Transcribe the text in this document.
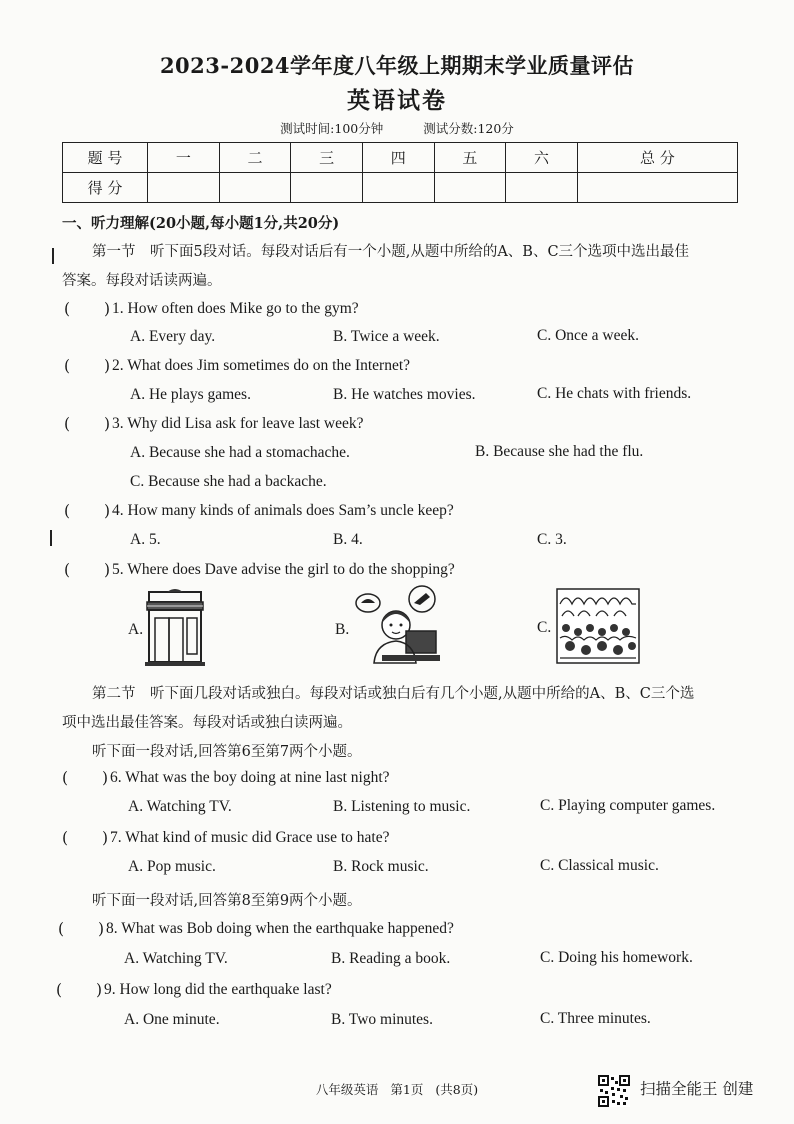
2023-2024学年度八年级上期期末学业质量评估
英语试卷
测试时间:100分钟	测试分数:120分
题 号	一	二	三	四	五	六	总 分
得 分							
一、听力理解(20小题,每小题1分,共20分)
第一节　听下面5段对话。每段对话后有一个小题,从题中所给的A、B、C三个选项中选出最佳
答案。每段对话读两遍。
( ) 1. How often does Mike go to the gym?
A. Every day.	B. Twice a week.	C. Once a week.
( ) 2. What does Jim sometimes do on the Internet?
A. He plays games.	B. He watches movies.	C. He chats with friends.
( ) 3. Why did Lisa ask for leave last week?
A. Because she had a stomachache.	B. Because she had the flu.
C. Because she had a backache.
( ) 4. How many kinds of animals does Sam’s uncle keep?
A. 5.	B. 4.	C. 3.
( ) 5. Where does Dave advise the girl to do the shopping?
A.	B.	C.
第二节　听下面几段对话或独白。每段对话或独白后有几个小题,从题中所给的A、B、C三个选
项中选出最佳答案。每段对话或独白读两遍。
听下面一段对话,回答第6至第7两个小题。
( ) 6. What was the boy doing at nine last night?
A. Watching TV.	B. Listening to music.	C. Playing computer games.
( ) 7. What kind of music did Grace use to hate?
A. Pop music.	B. Rock music.	C. Classical music.
听下面一段对话,回答第8至第9两个小题。
( ) 8. What was Bob doing when the earthquake happened?
A. Watching TV.	B. Reading a book.	C. Doing his homework.
( ) 9. How long did the earthquake last?
A. One minute.	B. Two minutes.	C. Three minutes.
八年级英语 第1页 (共8页)	扫描全能王 创建
